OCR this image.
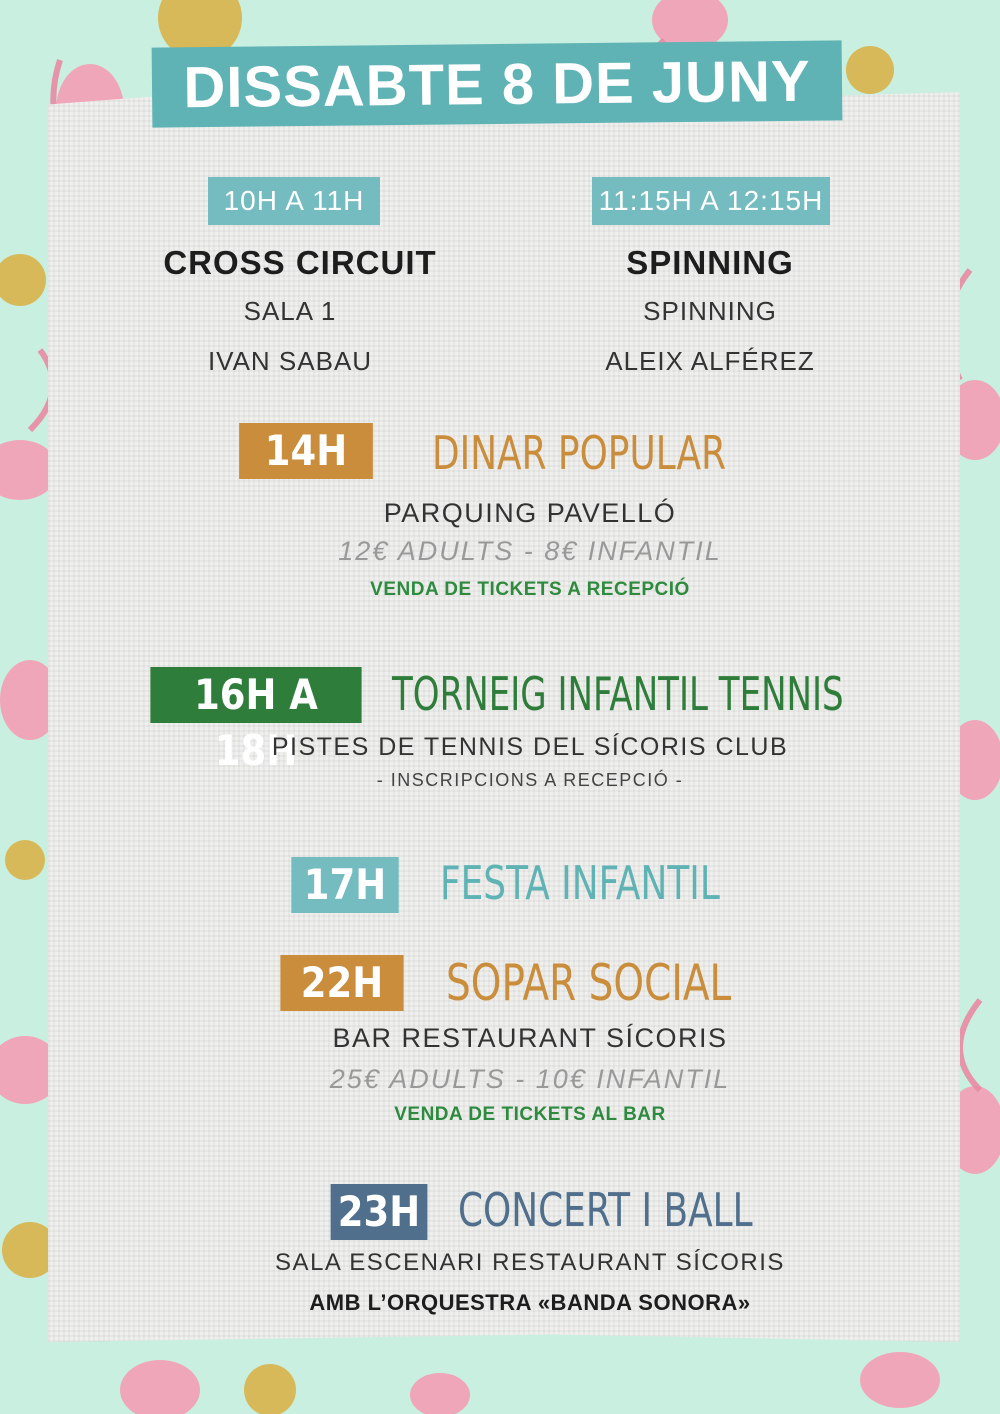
DISSABTE 8 DE JUNY
10H A 11H
CROSS CIRCUIT
SALA 1
IVAN SABAU
11:15H A 12:15H
SPINNING
SPINNING
ALEIX ALFÉREZ
14H	DINAR POPULAR
PARQUING PAVELLÓ
12€ ADULTS - 8€ INFANTIL
VENDA DE TICKETS A RECEPCIÓ
16H A 18H
TORNEIG INFANTIL TENNIS
PISTES DE TENNIS DEL SÍCORIS CLUB
- INSCRIPCIONS A RECEPCIÓ -
17H FESTA INFANTIL
22H	SOPAR SOCIAL
BAR RESTAURANT SÍCORIS
25€ ADULTS - 10€ INFANTIL
VENDA DE TICKETS AL BAR
23H CONCERT I BALL
SALA ESCENARI RESTAURANT SÍCORIS
AMB L’ORQUESTRA «BANDA SONORA»
